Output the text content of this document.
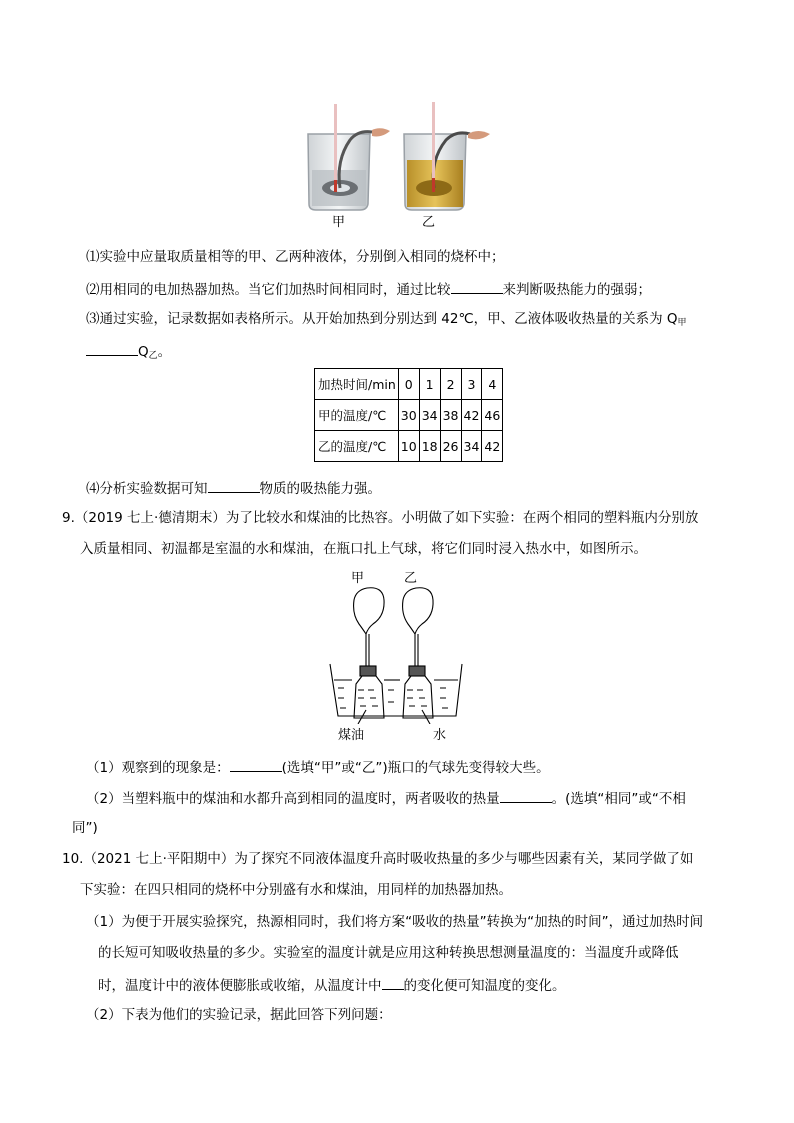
甲	乙
⑴实验中应量取质量相等的甲、乙两种液体，分别倒入相同的烧杯中；
⑵用相同的电加热器加热。当它们加热时间相同时，通过比较	来判断吸热能力的强弱；
⑶通过实验，记录数据如表格所示。从开始加热到分别达到 42℃，甲、乙液体吸收热量的关系为 $Q_甲$
$Q_乙$。
加热时间/min	0	1	2	3	4
甲的温度/℃	30	34	38	42	46
乙的温度/℃	10	18	26	34	42
⑷分析实验数据可知	物质的吸热能力强。
9.（2019 七上·德清期末）为了比较水和煤油的比热容。小明做了如下实验：在两个相同的塑料瓶内分别放
入质量相同、初温都是室温的水和煤油，在瓶口扎上气球，将它们同时浸入热水中，如图所示。
甲	乙
煤油	水
（1）观察到的现象是：	(选填“甲”或“乙”)瓶口的气球先变得较大些。
（2）当塑料瓶中的煤油和水都升高到相同的温度时，两者吸收的热量	。(选填“相同”或“不相
同”)
10.（2021 七上·平阳期中）为了探究不同液体温度升高时吸收热量的多少与哪些因素有关，某同学做了如
下实验：在四只相同的烧杯中分别盛有水和煤油，用同样的加热器加热。
（1）为便于开展实验探究，热源相同时，我们将方案“吸收的热量”转换为“加热的时间”，通过加热时间
的长短可知吸收热量的多少。实验室的温度计就是应用这种转换思想测量温度的：当温度升或降低
时，温度计中的液体便膨胀或收缩，从温度计中 的变化便可知温度的变化。
（2）下表为他们的实验记录，据此回答下列问题：
